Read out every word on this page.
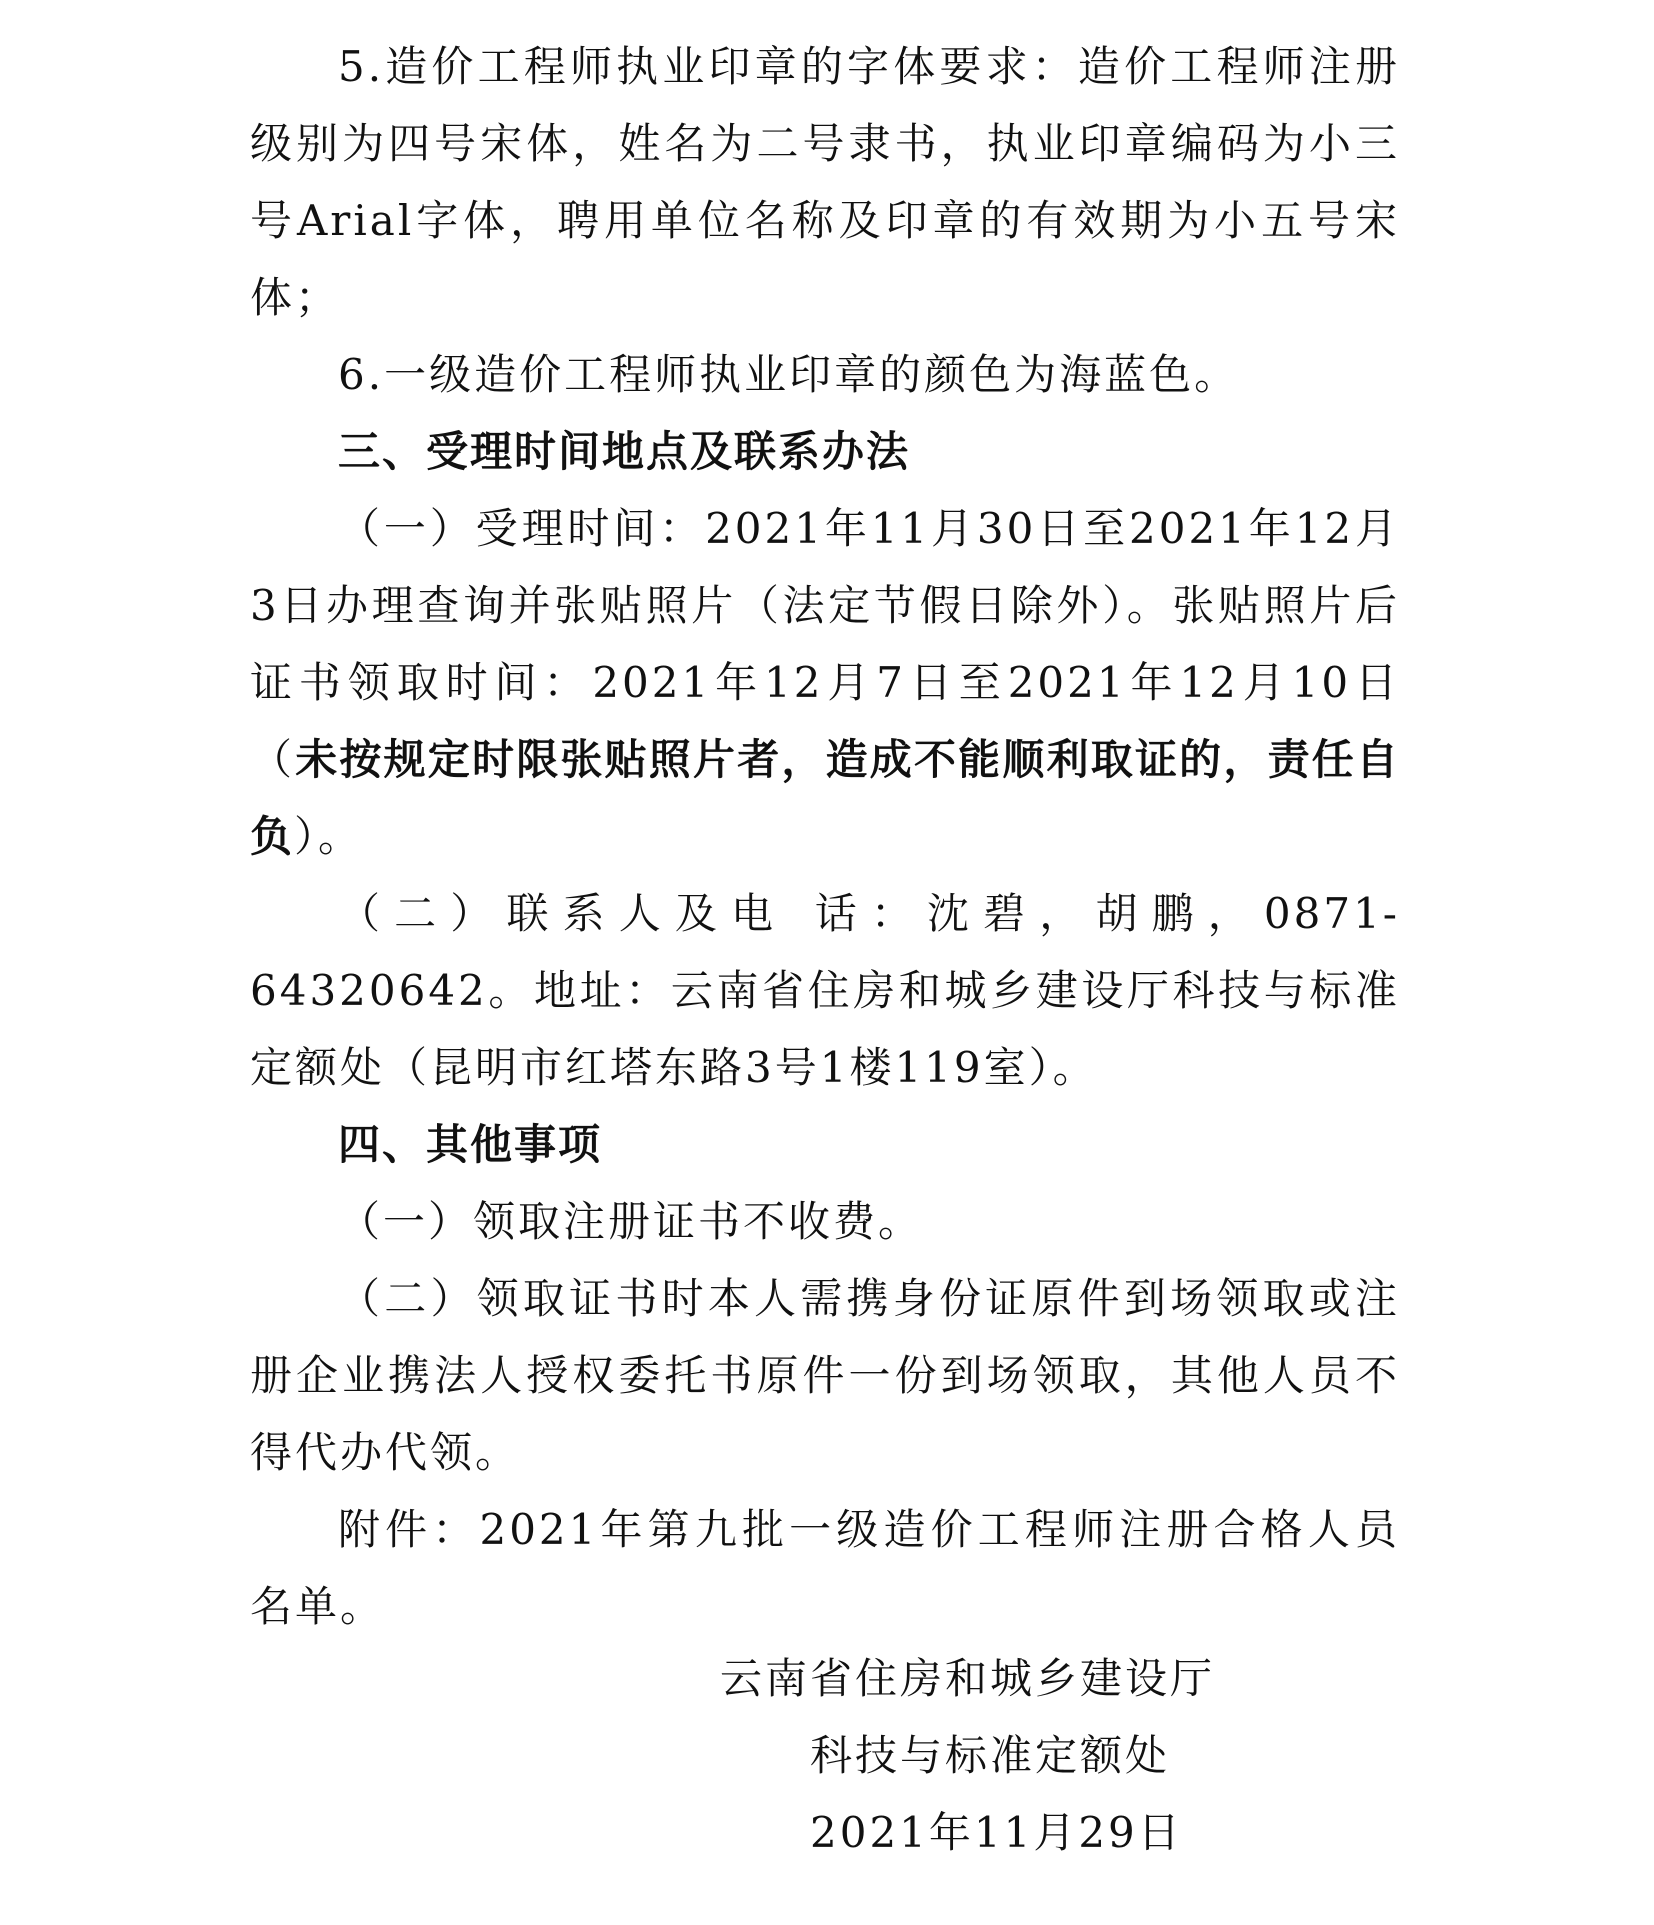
5.造价工程师执业印章的字体要求：造价工程师注册级别为四号宋体，姓名为二号隶书，执业印章编码为小三号Arial字体，聘用单位名称及印章的有效期为小五号宋体；

6.一级造价工程师执业印章的颜色为海蓝色。

三、受理时间地点及联系办法

（一）受理时间：2021年11月30日至2021年12月3日办理查询并张贴照片（法定节假日除外）。张贴照片后证书领取时间：2021年12月7日至2021年12月10日（未按规定时限张贴照片者，造成不能顺利取证的，责任自负）。

（二）联系人及电 话：沈碧，胡鹏，0871-64320642。地址：云南省住房和城乡建设厅科技与标准定额处（昆明市红塔东路3号1楼119室）。

四、其他事项

（一）领取注册证书不收费。

（二）领取证书时本人需携身份证原件到场领取或注册企业携法人授权委托书原件一份到场领取，其他人员不得代办代领。

附件：2021年第九批一级造价工程师注册合格人员名单。

云南省住房和城乡建设厅

科技与标准定额处

2021年11月29日
